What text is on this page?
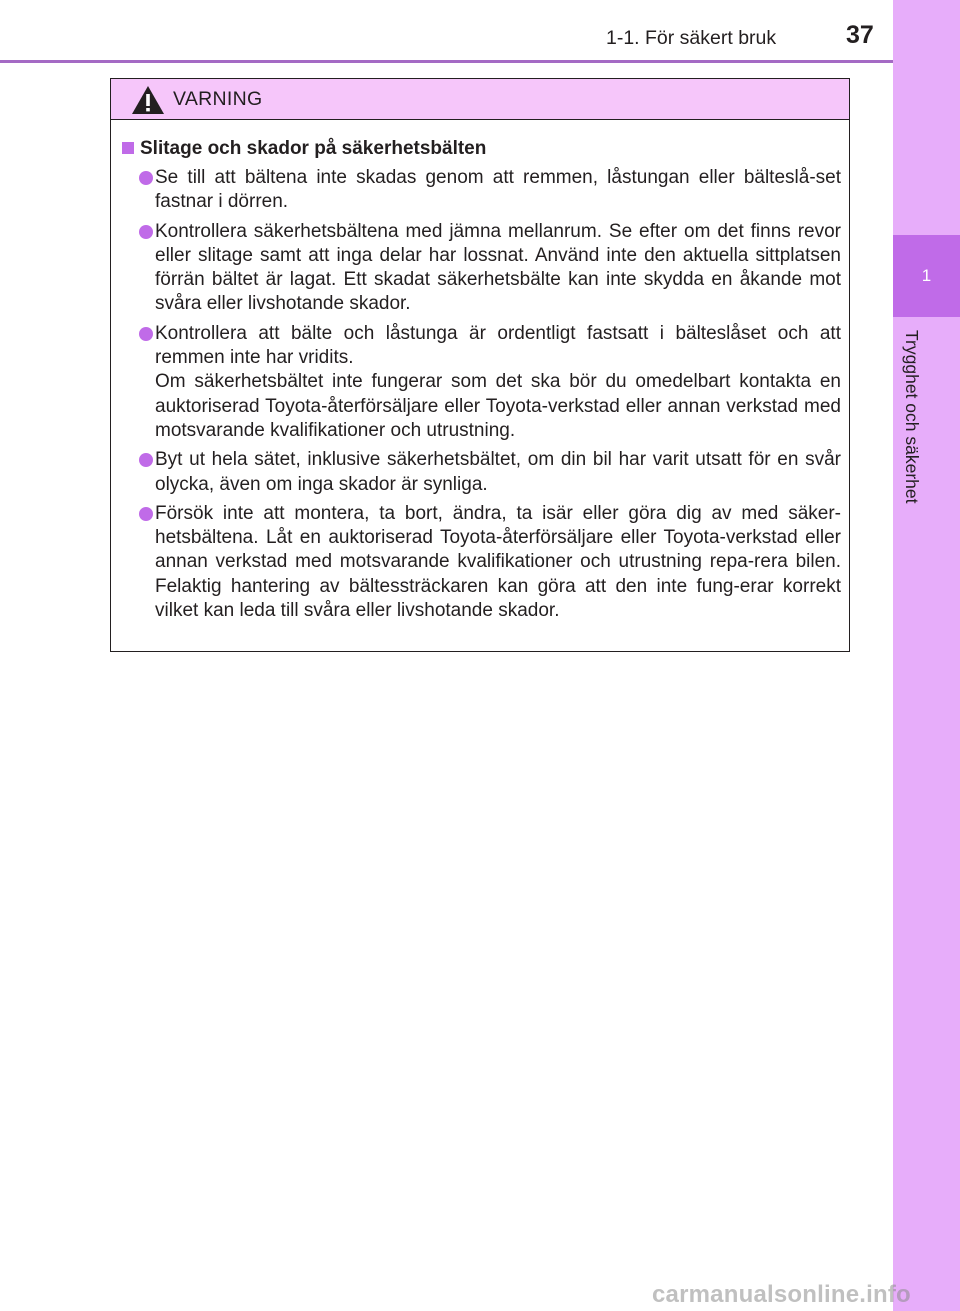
1-1. För säkert bruk	37
1
Trygghet och säkerhet
VARNING
Slitage och skador på säkerhetsbälten
Se till att bältena inte skadas genom att remmen, låstungan eller bälteslå-set fastnar i dörren.
Kontrollera säkerhetsbältena med jämna mellanrum. Se efter om det finns revor eller slitage samt att inga delar har lossnat. Använd inte den aktuella sittplatsen förrän bältet är lagat. Ett skadat säkerhetsbälte kan inte skydda en åkande mot svåra eller livshotande skador.
Kontrollera att bälte och låstunga är ordentligt fastsatt i bälteslåset och att remmen inte har vridits.
Om säkerhetsbältet inte fungerar som det ska bör du omedelbart kontakta en auktoriserad Toyota-återförsäljare eller Toyota-verkstad eller annan verkstad med motsvarande kvalifikationer och utrustning.
Byt ut hela sätet, inklusive säkerhetsbältet, om din bil har varit utsatt för en svår olycka, även om inga skador är synliga.
Försök inte att montera, ta bort, ändra, ta isär eller göra dig av med säker-hetsbältena. Låt en auktoriserad Toyota-återförsäljare eller Toyota-verkstad eller annan verkstad med motsvarande kvalifikationer och utrustning repa-rera bilen. Felaktig hantering av bältessträckaren kan göra att den inte fung-erar korrekt vilket kan leda till svåra eller livshotande skador.
carmanualsonline.info
